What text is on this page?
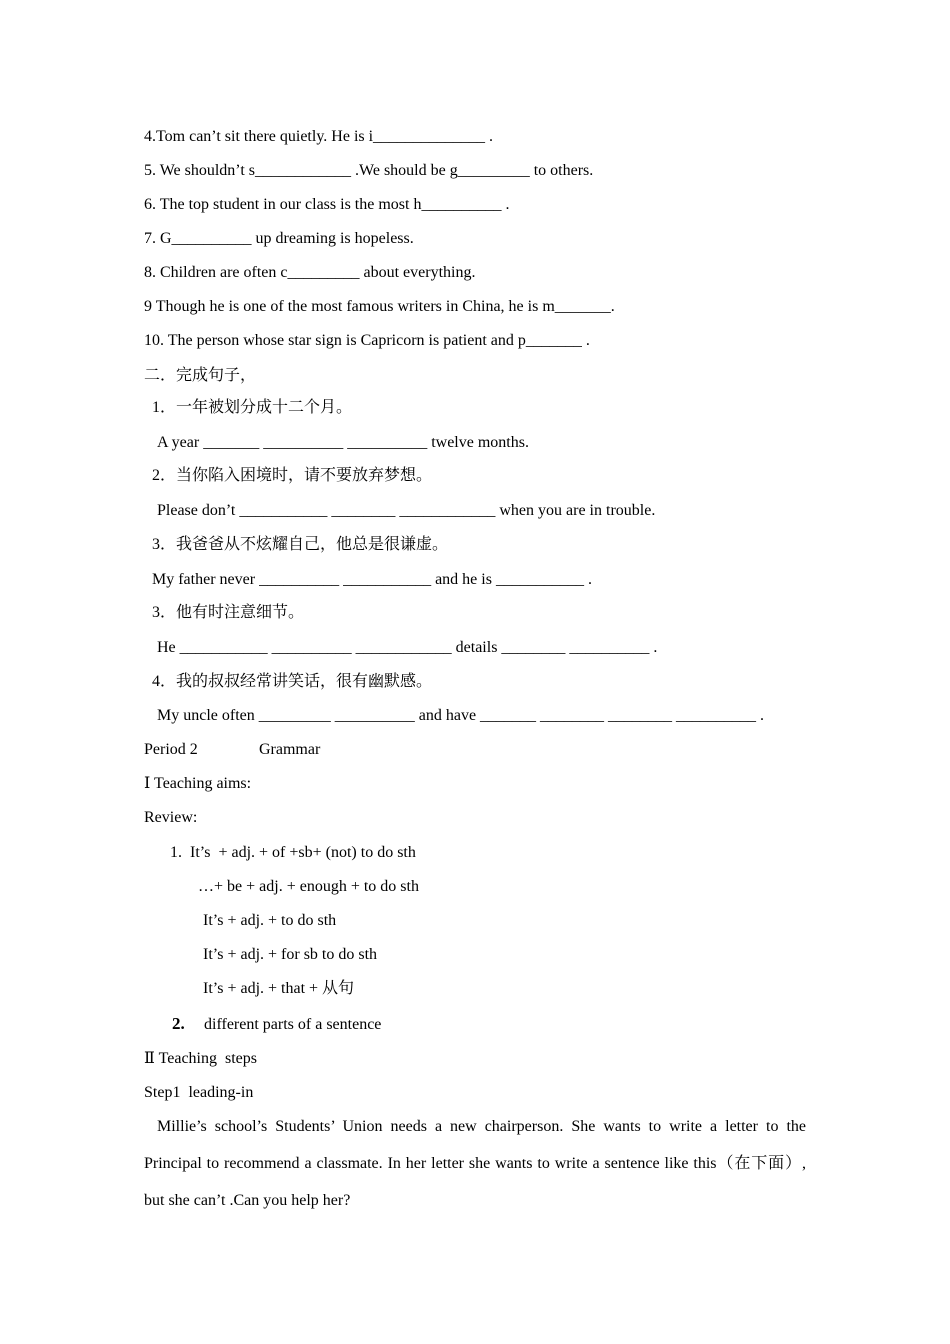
4.Tom can’t sit there quietly. He is i______________ .
5. We shouldn’t s____________ .We should be g_________ to others.
6. The top student in our class is the most h__________ .
7. G__________ up dreaming is hopeless.
8. Children are often c_________ about everything.
9 Though he is one of the most famous writers in China, he is m_______.
10. The person whose star sign is Capricorn is patient and p_______ .
二．完成句子，
1．一年被划分成十二个月。
A year _______ __________ __________ twelve months.
2．当你陷入困境时，请不要放弃梦想。
Please don’t ___________ ________ ____________ when you are in trouble.
3．我爸爸从不炫耀自己，他总是很谦虚。
My father never __________ ___________ and he is ___________ .
3．他有时注意细节。
He ___________ __________ ____________ details ________ __________ .
4．我的叔叔经常讲笑话，很有幽默感。
My uncle often _________ __________ and have _______ ________ ________ __________ .
Period 2	Grammar
Ⅰ Teaching aims:
Review:
1.  It’s  + adj. + of +sb+ (not) to do sth
…+ be + adj. + enough + to do sth
It’s + adj. + to do sth
It’s + adj. + for sb to do sth
It’s + adj. + that + 从句
2. different parts of a sentence
Ⅱ Teaching  steps
Step1  leading-in
Millie’s school’s Students’ Union needs a new chairperson. She wants to write a letter to the Principal to recommend a classmate. In her letter she wants to write a sentence like this（在下面）, but she can’t .Can you help her?
